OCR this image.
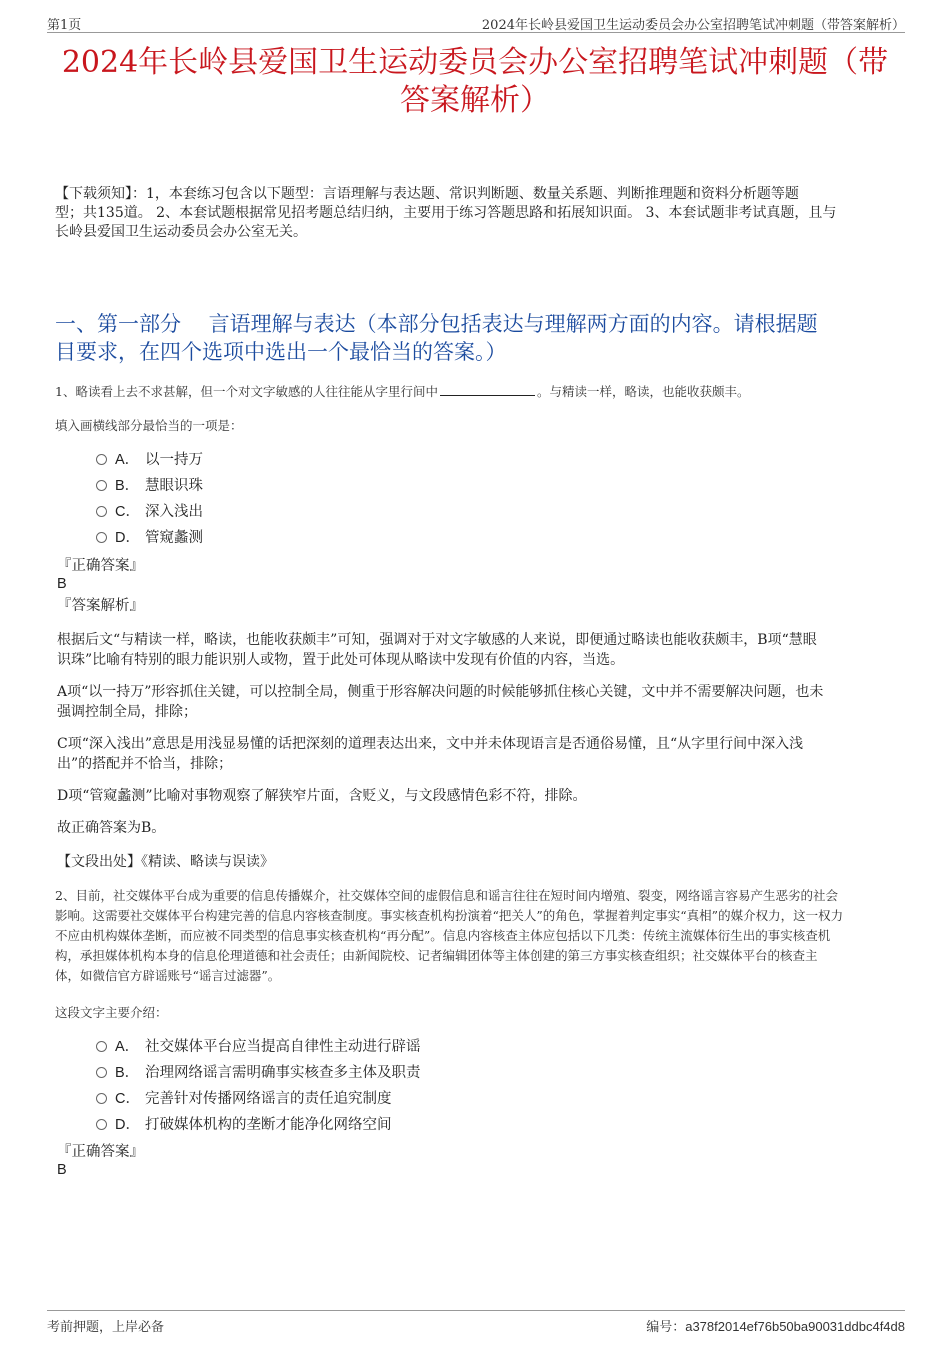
第1页	2024年长岭县爱国卫生运动委员会办公室招聘笔试冲刺题（带答案解析）
2024年长岭县爱国卫生运动委员会办公室招聘笔试冲刺题（带
答案解析）
【下载须知】：1，本套练习包含以下题型：言语理解与表达题、常识判断题、数量关系题、判断推理题和资料分析题等题
型；共135道。 2、本套试题根据常见招考题总结归纳，主要用于练习答题思路和拓展知识面。 3、本套试题非考试真题，且与
长岭县爱国卫生运动委员会办公室无关。
一、第一部分　 言语理解与表达（本部分包括表达与理解两方面的内容。请根据题
目要求，在四个选项中选出一个最恰当的答案。）
1、略读看上去不求甚解，但一个对文字敏感的人往往能从字里行间中	。与精读一样，略读，也能收获颇丰。
填入画横线部分最恰当的一项是：
A． 以一持万
B． 慧眼识珠
C． 深入浅出
D． 管窥蠡测
『正确答案』
B
『答案解析』
根据后文“与精读一样，略读，也能收获颇丰”可知，强调对于对文字敏感的人来说，即便通过略读也能收获颇丰，B项“慧眼
识珠”比喻有特别的眼力能识别人或物，置于此处可体现从略读中发现有价值的内容，当选。
A项“以一持万”形容抓住关键，可以控制全局，侧重于形容解决问题的时候能够抓住核心关键，文中并不需要解决问题，也未
强调控制全局，排除；
C项“深入浅出”意思是用浅显易懂的话把深刻的道理表达出来，文中并未体现语言是否通俗易懂，且“从字里行间中深入浅
出”的搭配并不恰当，排除；
D项“管窥蠡测”比喻对事物观察了解狭窄片面，含贬义，与文段感情色彩不符，排除。
故正确答案为B。
【文段出处】《精读、略读与误读》
2、目前，社交媒体平台成为重要的信息传播媒介，社交媒体空间的虚假信息和谣言往往在短时间内增殖、裂变，网络谣言容易产生恶劣的社会
影响。这需要社交媒体平台构建完善的信息内容核查制度。事实核查机构扮演着“把关人”的角色，掌握着判定事实“真相”的媒介权力，这一权力
不应由机构媒体垄断，而应被不同类型的信息事实核查机构“再分配”。信息内容核查主体应包括以下几类：传统主流媒体衍生出的事实核查机
构，承担媒体机构本身的信息伦理道德和社会责任；由新闻院校、记者编辑团体等主体创建的第三方事实核查组织；社交媒体平台的核查主
体，如微信官方辟谣账号“谣言过滤器”。
这段文字主要介绍：
A． 社交媒体平台应当提高自律性主动进行辟谣
B． 治理网络谣言需明确事实核查多主体及职责
C． 完善针对传播网络谣言的责任追究制度
D． 打破媒体机构的垄断才能净化网络空间
『正确答案』
B
考前押题，上岸必备	编号：a378f2014ef76b50ba90031ddbc4f4d8
